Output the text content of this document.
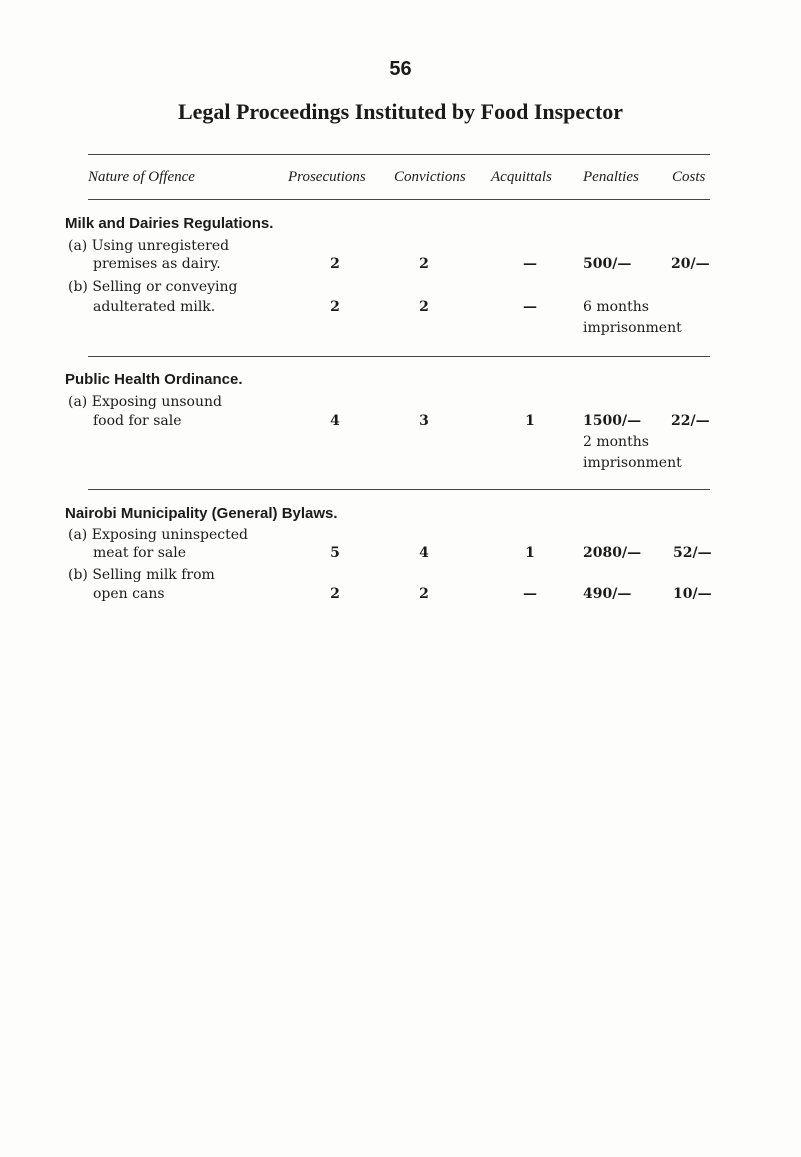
56
Legal Proceedings Instituted by Food Inspector
Nature of Offence	Prosecutions Convictions Acquittals Penalties Costs
Milk and Dairies Regulations.
(a) Using unregistered
premises as dairy.	2	2	—	500/—	20/—
(b) Selling or conveying
adulterated milk.	2	2	—	6 months
imprisonment
Public Health Ordinance.
(a) Exposing unsound
food for sale	4	3	1	1500/— 22/—
2 months
imprisonment
Nairobi Municipality (General) Bylaws.
(a) Exposing uninspected
meat for sale	5	4	1	2080/— 52/—
(b) Selling milk from
open cans	2	2	—	490/—	10/—
